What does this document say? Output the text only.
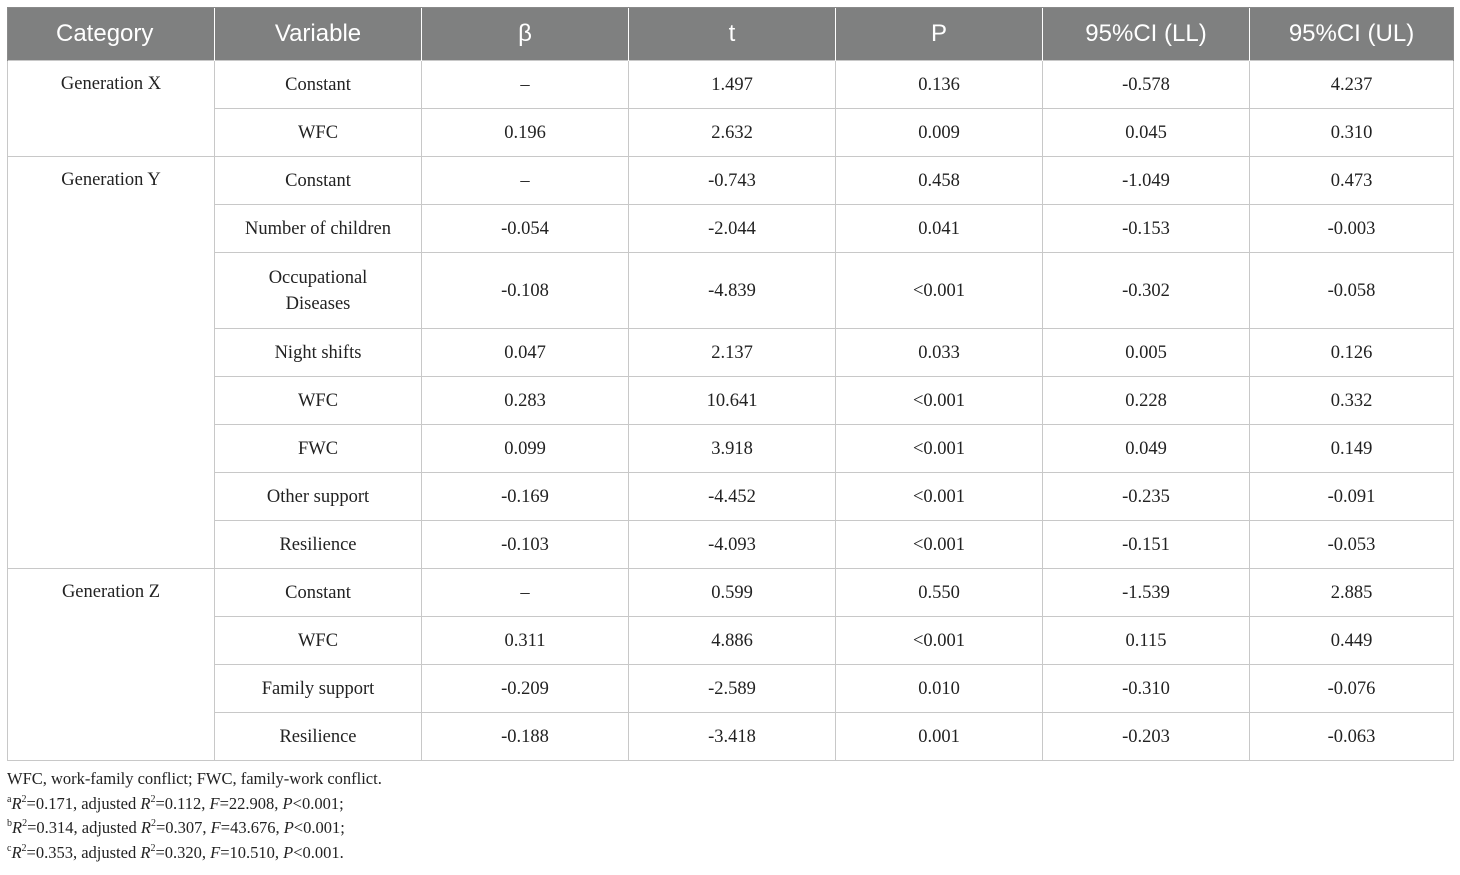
Category	Variable	β	t	P	95%CI (LL)	95%CI (UL)
Generation X	Constant	–	1.497	0.136	-0.578	4.237
	WFC	0.196	2.632	0.009	0.045	0.310
Generation Y	Constant	–	-0.743	0.458	-1.049	0.473
	Number of children	-0.054	-2.044	0.041	-0.153	-0.003
	Occupational Diseases	-0.108	-4.839	<0.001	-0.302	-0.058
	Night shifts	0.047	2.137	0.033	0.005	0.126
	WFC	0.283	10.641	<0.001	0.228	0.332
	FWC	0.099	3.918	<0.001	0.049	0.149
	Other support	-0.169	-4.452	<0.001	-0.235	-0.091
	Resilience	-0.103	-4.093	<0.001	-0.151	-0.053
Generation Z	Constant	–	0.599	0.550	-1.539	2.885
	WFC	0.311	4.886	<0.001	0.115	0.449
	Family support	-0.209	-2.589	0.010	-0.310	-0.076
	Resilience	-0.188	-3.418	0.001	-0.203	-0.063
WFC, work-family conflict; FWC, family-work conflict.
$^aR^2=0.171$, adjusted $R^2=0.112$, F=22.908, P<0.001;
$^bR^2=0.314$, adjusted $R^2=0.307$, F=43.676, P<0.001;
$^cR^2=0.353$, adjusted $R^2=0.320$, F=10.510, P<0.001.
